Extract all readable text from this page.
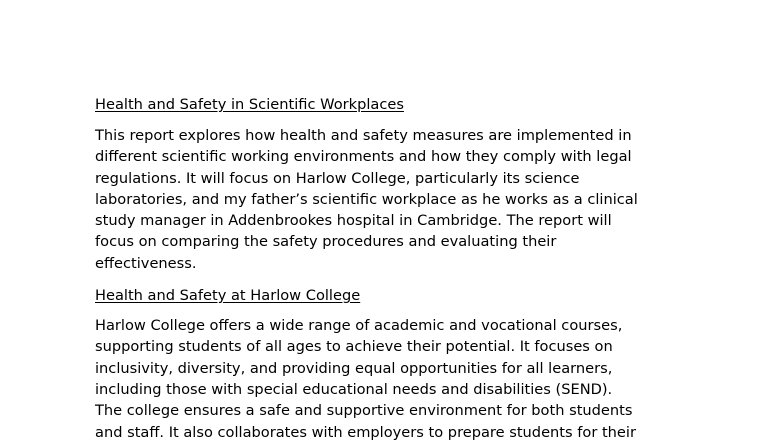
Health and Safety in Scientific Workplaces

This report explores how health and safety measures are implemented in
different scientific working environments and how they comply with legal
regulations. It will focus on Harlow College, particularly its science
laboratories, and my father’s scientific workplace as he works as a clinical
study manager in Addenbrookes hospital in Cambridge. The report will
focus on comparing the safety procedures and evaluating their
effectiveness.

Health and Safety at Harlow College

Harlow College offers a wide range of academic and vocational courses,
supporting students of all ages to achieve their potential. It focuses on
inclusivity, diversity, and providing equal opportunities for all learners,
including those with special educational needs and disabilities (SEND).
The college ensures a safe and supportive environment for both students
and staff. It also collaborates with employers to prepare students for their
